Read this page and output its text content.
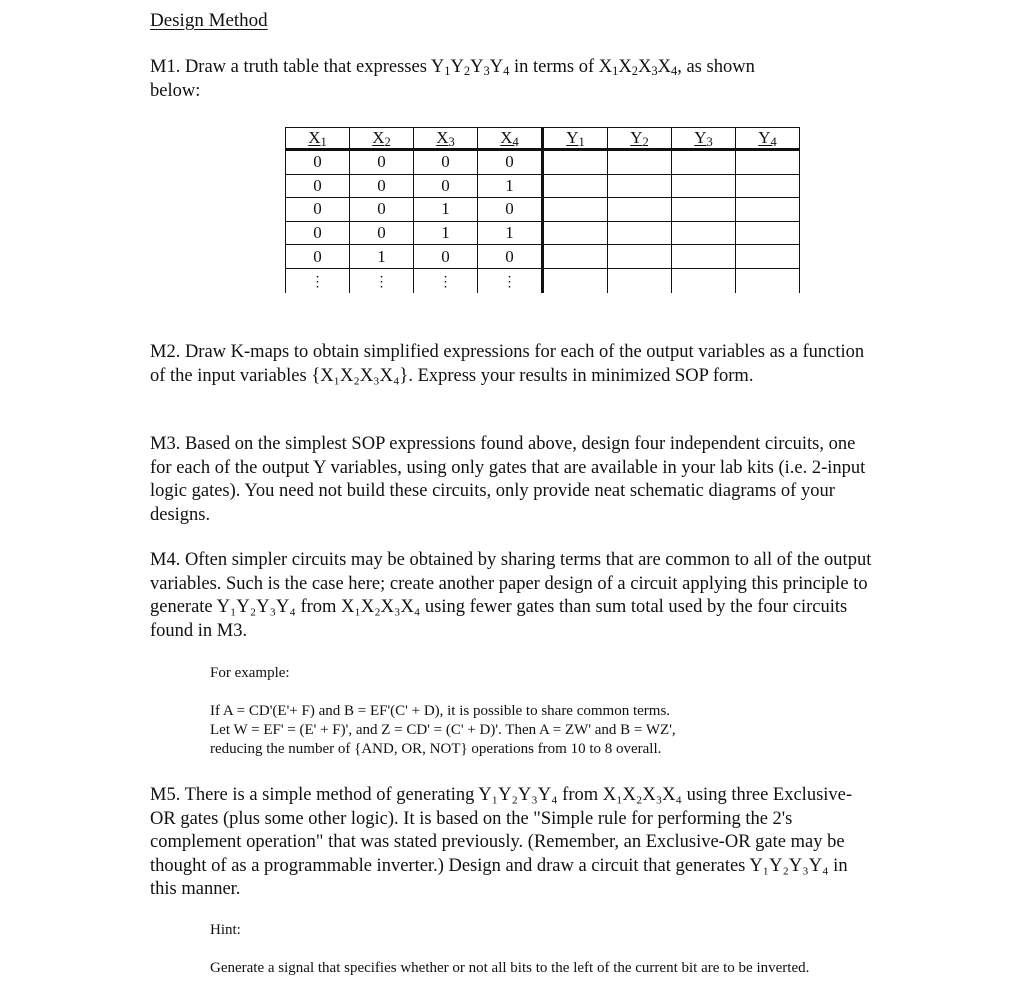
Design Method
M1. Draw a truth table that expresses $Y_1Y_2Y_3Y_4$ in terms of $X_1X_2X_3X_4$, as shown
below:
$X_1$	$X_2$	$X_3$	$X_4$	$Y_1$	$Y_2$	$Y_3$	$Y_4$
0	0	0	0				
0	0	0	1				
0	0	1	0				
0	0	1	1				
0	1	0	0				
⋮	⋮	⋮	⋮				
M2. Draw K-maps to obtain simplified expressions for each of the output variables as a function of the input variables {X₁X₂X₃X₄}. Express your results in minimized SOP form.
M3. Based on the simplest SOP expressions found above, design four independent circuits, one for each of the output Y variables, using only gates that are available in your lab kits (i.e. 2-input logic gates). You need not build these circuits, only provide neat schematic diagrams of your designs.
M4. Often simpler circuits may be obtained by sharing terms that are common to all of the output variables. Such is the case here; create another paper design of a circuit applying this principle to generate Y₁Y₂Y₃Y₄ from X₁X₂X₃X₄ using fewer gates than sum total used by the four circuits found in M3.
For example:
If A = CD'(E'+ F) and B = EF'(C' + D), it is possible to share common terms.
Let W = EF' = (E' + F)', and Z = CD' = (C' + D)'. Then A = ZW' and B = WZ',
reducing the number of {AND, OR, NOT} operations from 10 to 8 overall.
M5. There is a simple method of generating Y₁Y₂Y₃Y₄ from X₁X₂X₃X₄ using three Exclusive-OR gates (plus some other logic). It is based on the "Simple rule for performing the 2's complement operation" that was stated previously. (Remember, an Exclusive-OR gate may be thought of as a programmable inverter.) Design and draw a circuit that generates Y₁Y₂Y₃Y₄ in this manner.
Hint:
Generate a signal that specifies whether or not all bits to the left of the current bit are to be inverted.
